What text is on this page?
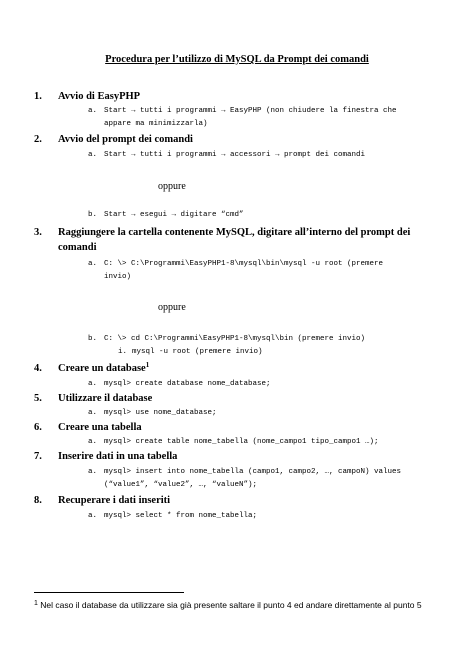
Procedura per l’utilizzo di MySQL da Prompt dei comandi
1. Avvio di EasyPHP
a. Start → tutti i programmi → EasyPHP (non chiudere la finestra che
appare ma minimizzarla)
2. Avvio del prompt dei comandi
a. Start → tutti i programmi → accessori → prompt dei comandi
oppure
b. Start → esegui → digitare “cmd”
3. Raggiungere la cartella contenente MySQL, digitare all’interno del prompt dei
comandi
a. C: \> C:\Programmi\EasyPHP1-8\mysql\bin\mysql -u root (premere
invio)
oppure
b. C: \> cd C:\Programmi\EasyPHP1-8\mysql\bin (premere invio)
i. mysql -u root (premere invio)
4. Creare un database$^1$
a. mysql> create database nome_database;
5. Utilizzare il database
a. mysql> use nome_database;
6. Creare una tabella
a. mysql> create table nome_tabella (nome_campo1 tipo_campo1 …);
7. Inserire dati in una tabella
a. mysql> insert into nome_tabella (campo1, campo2, …, campoN) values
(“value1”, “value2”, …, “valueN”);
8. Recuperare i dati inseriti
a. mysql> select * from nome_tabella;
$^1$ Nel caso il database da utilizzare sia già presente saltare il punto 4 ed andare direttamente al punto 5
